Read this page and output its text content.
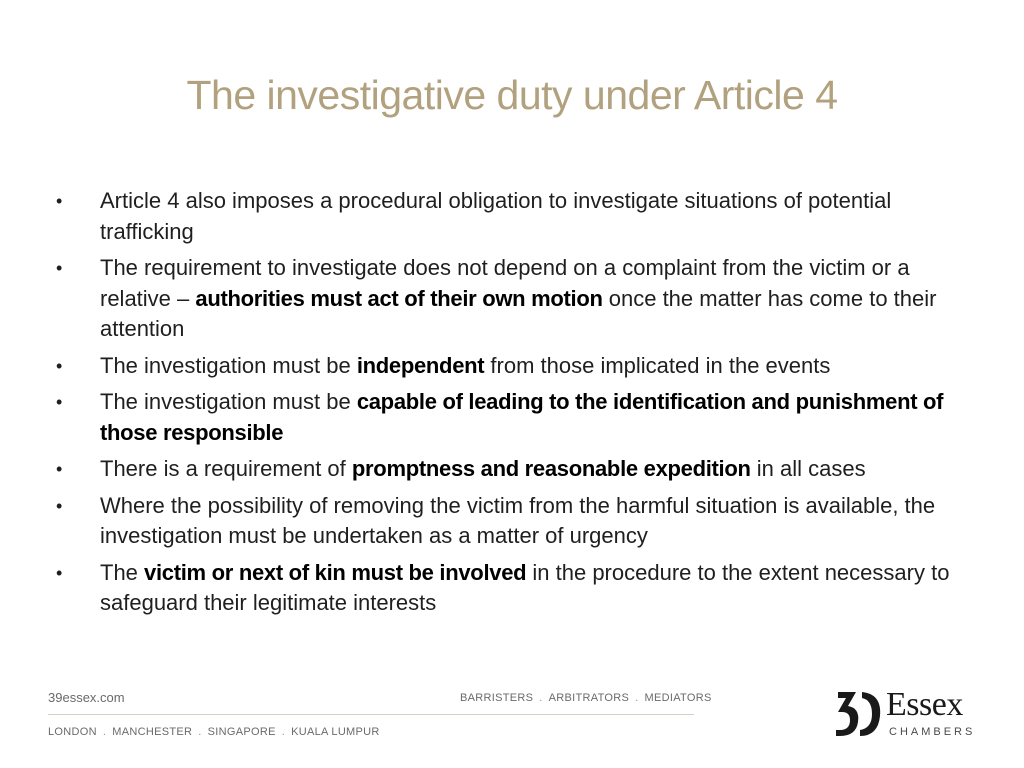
The investigative duty under Article 4
•	Article 4 also imposes a procedural obligation to investigate situations of potential trafficking
•	The requirement to investigate does not depend on a complaint from the victim or a relative – authorities must act of their own motion once the matter has come to their attention
•	The investigation must be independent from those implicated in the events
•	The investigation must be capable of leading to the identification and punishment of those responsible
•	There is a requirement of promptness and reasonable expedition in all cases
•	Where the possibility of removing the victim from the harmful situation is available, the investigation must be undertaken as a matter of urgency
•	The victim or next of kin must be involved in the procedure to the extent necessary to safeguard their legitimate interests
39essex.com	BARRISTERS . ARBITRATORS . MEDIATORS
LONDON . MANCHESTER . SINGAPORE . KUALA LUMPUR
Essex
CHAMBERS
